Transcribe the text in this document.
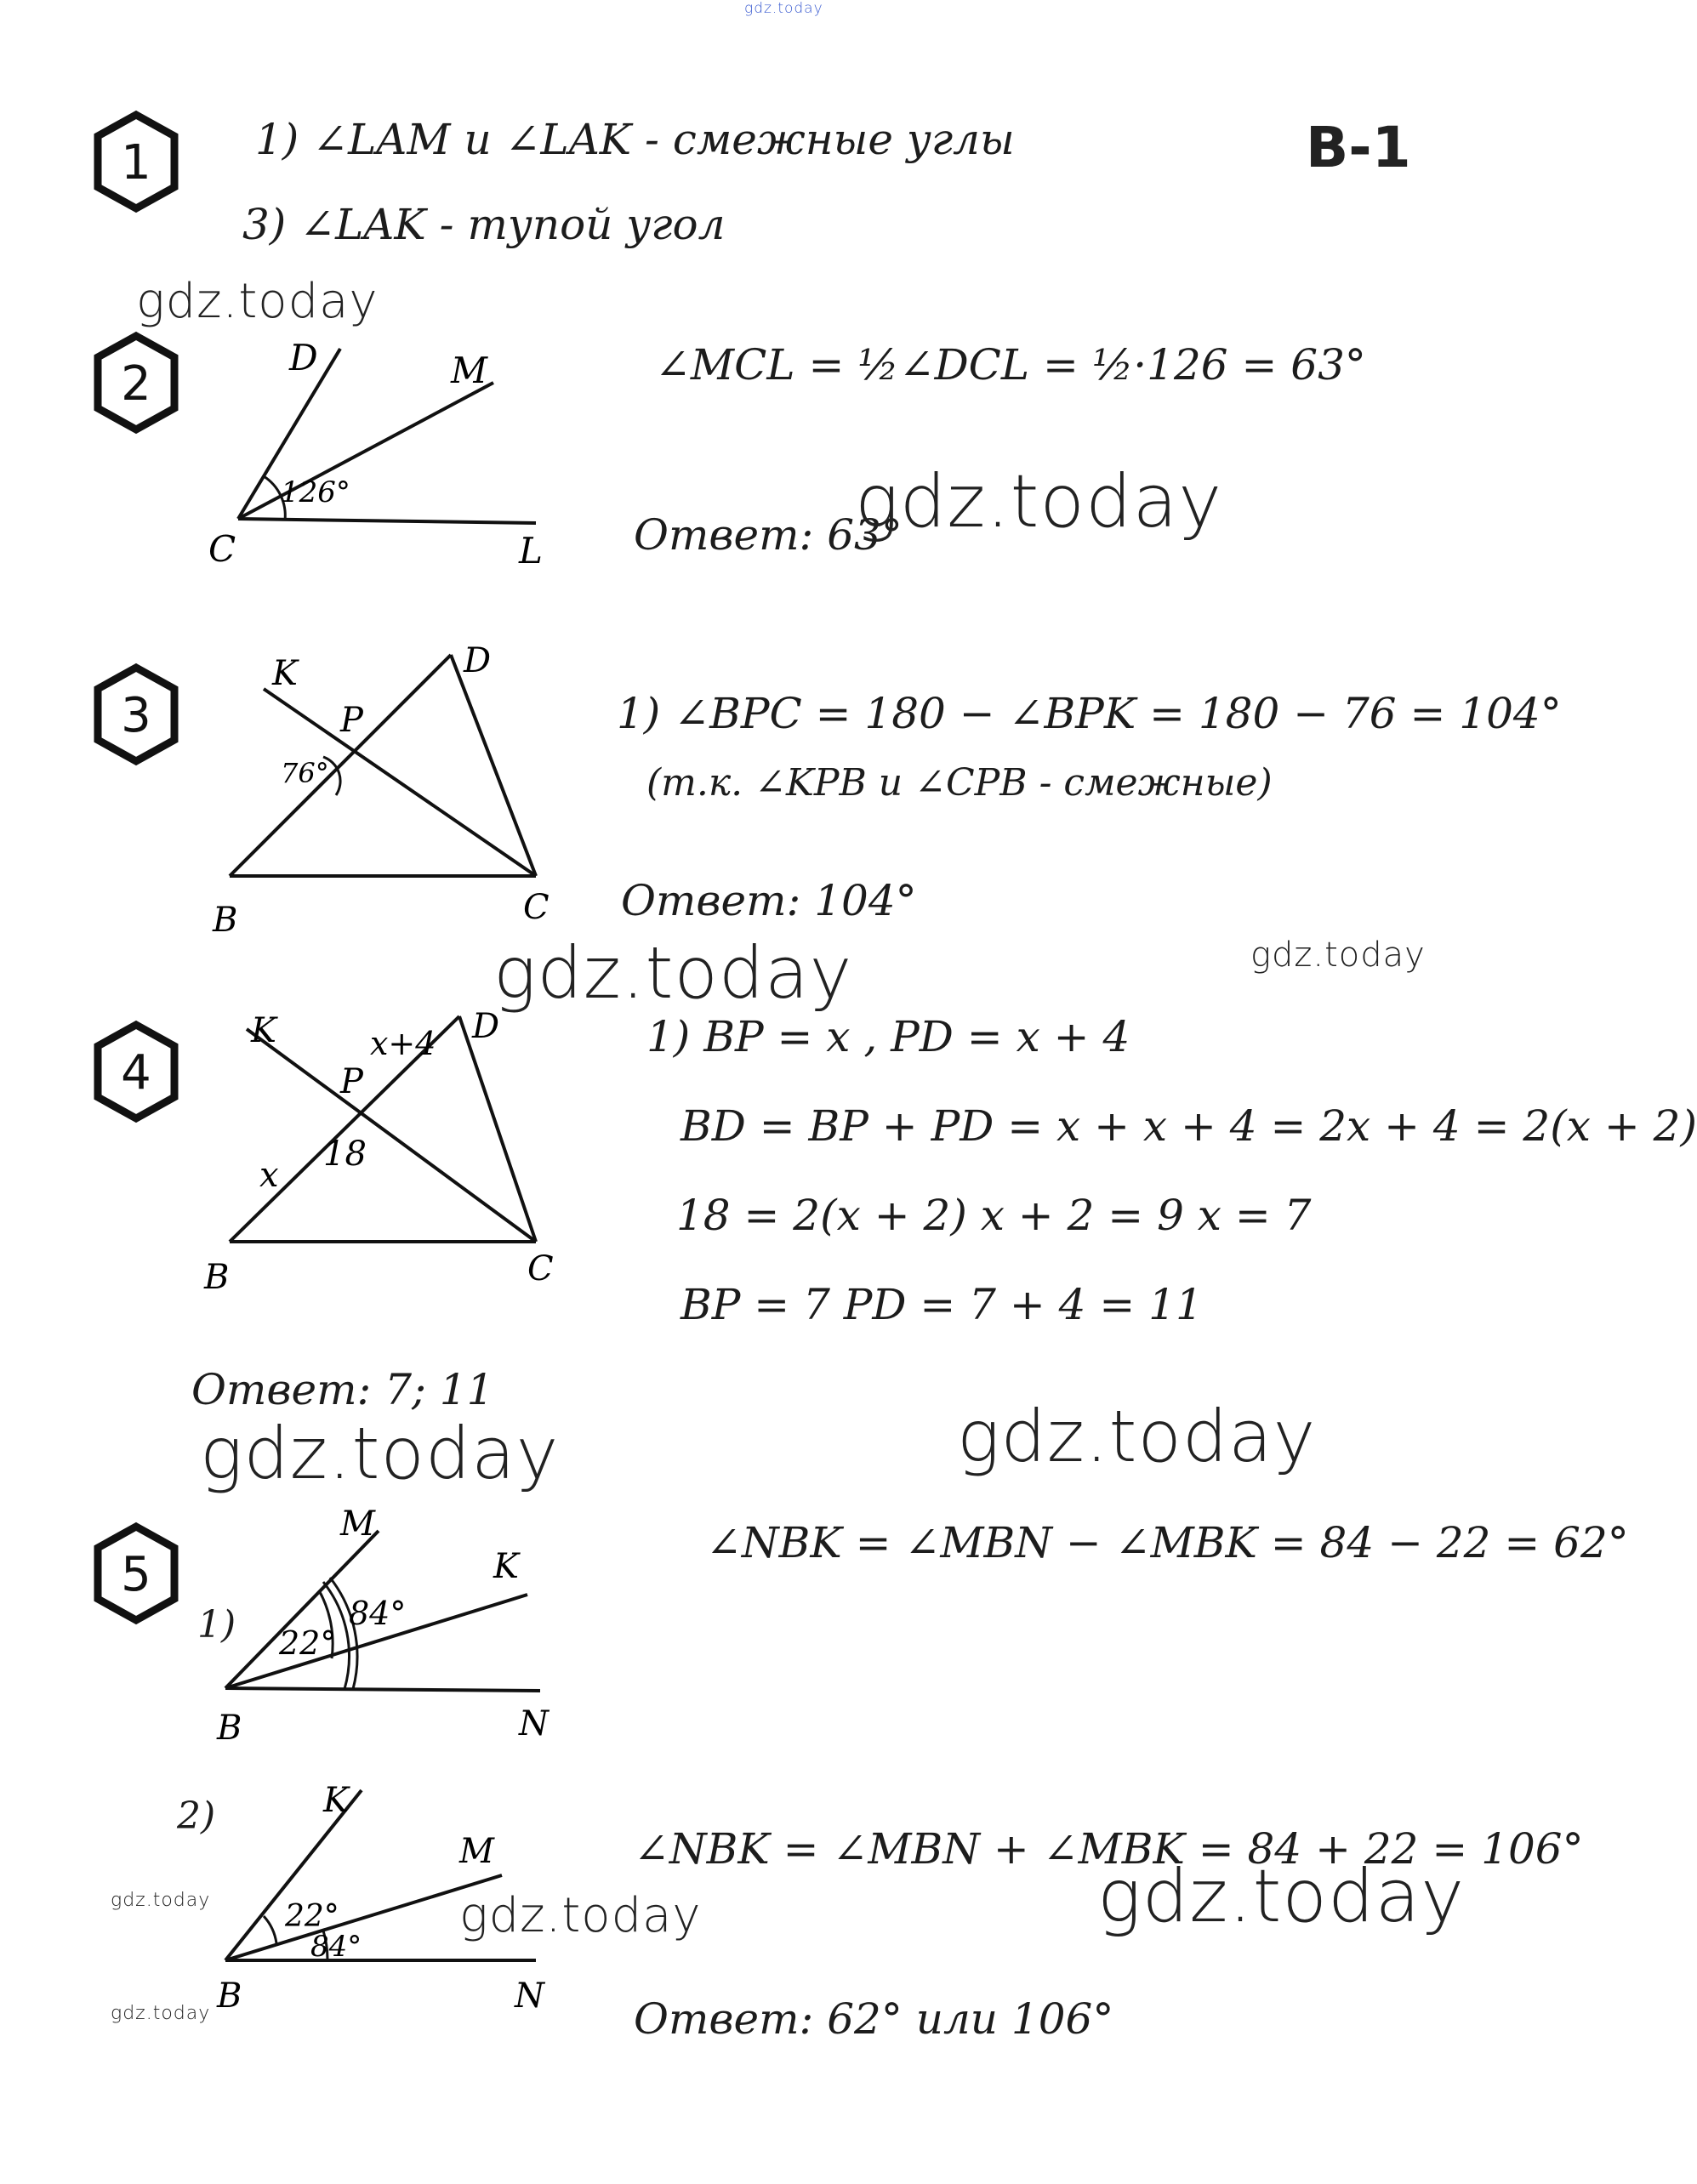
gdz.today
В-1
1 1) ∠LAM и ∠LAK - смежные углы
3) ∠LAK - тупой угол
gdz.today
2	D	M
C	L
126°
∠MCL = ½∠DCL = ½·126 = 63°
Ответ: 63°
gdz.today
3
K
P
D
B	C
76°
1) ∠BPC = 180 − ∠BPK = 180 − 76 = 104°
(т.к. ∠KPB и ∠CPB - смежные)
Ответ: 104°
gdz.today	gdz.today
4
K
P
x+4 D
x
18
B	C
1) BP = x , PD = x + 4
BD = BP + PD = x + x + 4 = 2x + 4 = 2(x + 2)
18 = 2(x + 2) x + 2 = 9 x = 7
BP = 7 PD = 7 + 4 = 11
Ответ: 7; 11
gdz.today	gdz.today
5
1)
M
K
B	N
22°
84°
∠NBK = ∠MBN − ∠MBK = 84 − 22 = 62°
2)	K
M
B	N
22°
84°
∠NBK = ∠MBN + ∠MBK = 84 + 22 = 106°
Ответ: 62° или 106°
gdz.today	gdz.today	gdz.today
gdz.today
